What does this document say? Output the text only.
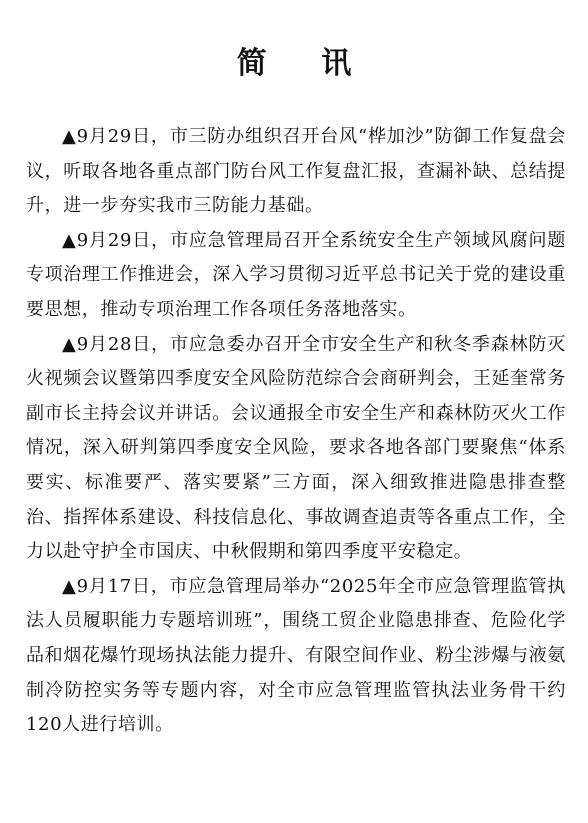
简 讯

▲9月29日，市三防办组织召开台风“桦加沙”防御工作复盘会议，听取各地各重点部门防台风工作复盘汇报，查漏补缺、总结提升，进一步夯实我市三防能力基础。

▲9月29日，市应急管理局召开全系统安全生产领域风腐问题专项治理工作推进会，深入学习贯彻习近平总书记关于党的建设重要思想，推动专项治理工作各项任务落地落实。

▲9月28日，市应急委办召开全市安全生产和秋冬季森林防灭火视频会议暨第四季度安全风险防范综合会商研判会，王延奎常务副市长主持会议并讲话。会议通报全市安全生产和森林防灭火工作情况，深入研判第四季度安全风险，要求各地各部门要聚焦“体系要实、标准要严、落实要紧”三方面，深入细致推进隐患排查整治、指挥体系建设、科技信息化、事故调查追责等各重点工作，全力以赴守护全市国庆、中秋假期和第四季度平安稳定。

▲9月17日，市应急管理局举办“2025年全市应急管理监管执法人员履职能力专题培训班”，围绕工贸企业隐患排查、危险化学品和烟花爆竹现场执法能力提升、有限空间作业、粉尘涉爆与液氨制冷防控实务等专题内容，对全市应急管理监管执法业务骨干约120人进行培训。
